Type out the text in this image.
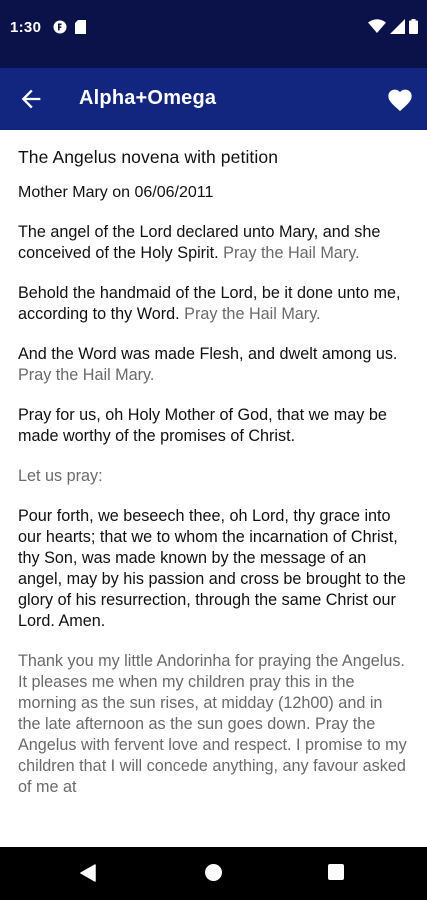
1:30
Alpha+Omega
The Angelus novena with petition
Mother Mary on 06/06/2011

The angel of the Lord declared unto Mary, and she conceived of the Holy Spirit. Pray the Hail Mary.

Behold the handmaid of the Lord, be it done unto me, according to thy Word. Pray the Hail Mary.

And the Word was made Flesh, and dwelt among us. Pray the Hail Mary.

Pray for us, oh Holy Mother of God, that we may be made worthy of the promises of Christ.

Let us pray:

Pour forth, we beseech thee, oh Lord, thy grace into our hearts; that we to whom the incarnation of Christ, thy Son, was made known by the message of an angel, may by his passion and cross be brought to the glory of his resurrection, through the same Christ our Lord. Amen.

Thank you my little Andorinha for praying the Angelus. It pleases me when my children pray this in the morning as the sun rises, at midday (12h00) and in the late afternoon as the sun goes down. Pray the Angelus with fervent love and respect. I promise to my children that I will concede anything, any favour asked of me at
